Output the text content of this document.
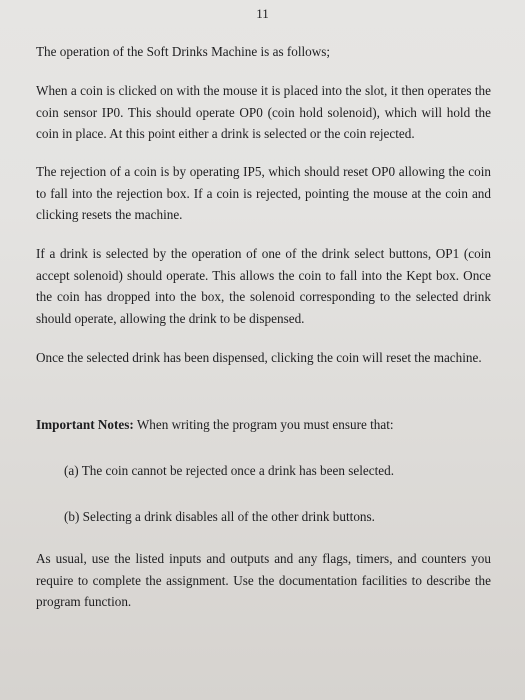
11

The operation of the Soft Drinks Machine is as follows;

When a coin is clicked on with the mouse it is placed into the slot, it then operates the coin sensor IP0. This should operate OP0 (coin hold solenoid), which will hold the coin in place. At this point either a drink is selected or the coin rejected.

The rejection of a coin is by operating IP5, which should reset OP0 allowing the coin to fall into the rejection box. If a coin is rejected, pointing the mouse at the coin and clicking resets the machine.

If a drink is selected by the operation of one of the drink select buttons, OP1 (coin accept solenoid) should operate. This allows the coin to fall into the Kept box. Once the coin has dropped into the box, the solenoid corresponding to the selected drink should operate, allowing the drink to be dispensed.

Once the selected drink has been dispensed, clicking the coin will reset the machine.

Important Notes: When writing the program you must ensure that:

(a) The coin cannot be rejected once a drink has been selected.

(b) Selecting a drink disables all of the other drink buttons.

As usual, use the listed inputs and outputs and any flags, timers, and counters you require to complete the assignment. Use the documentation facilities to describe the program function.
